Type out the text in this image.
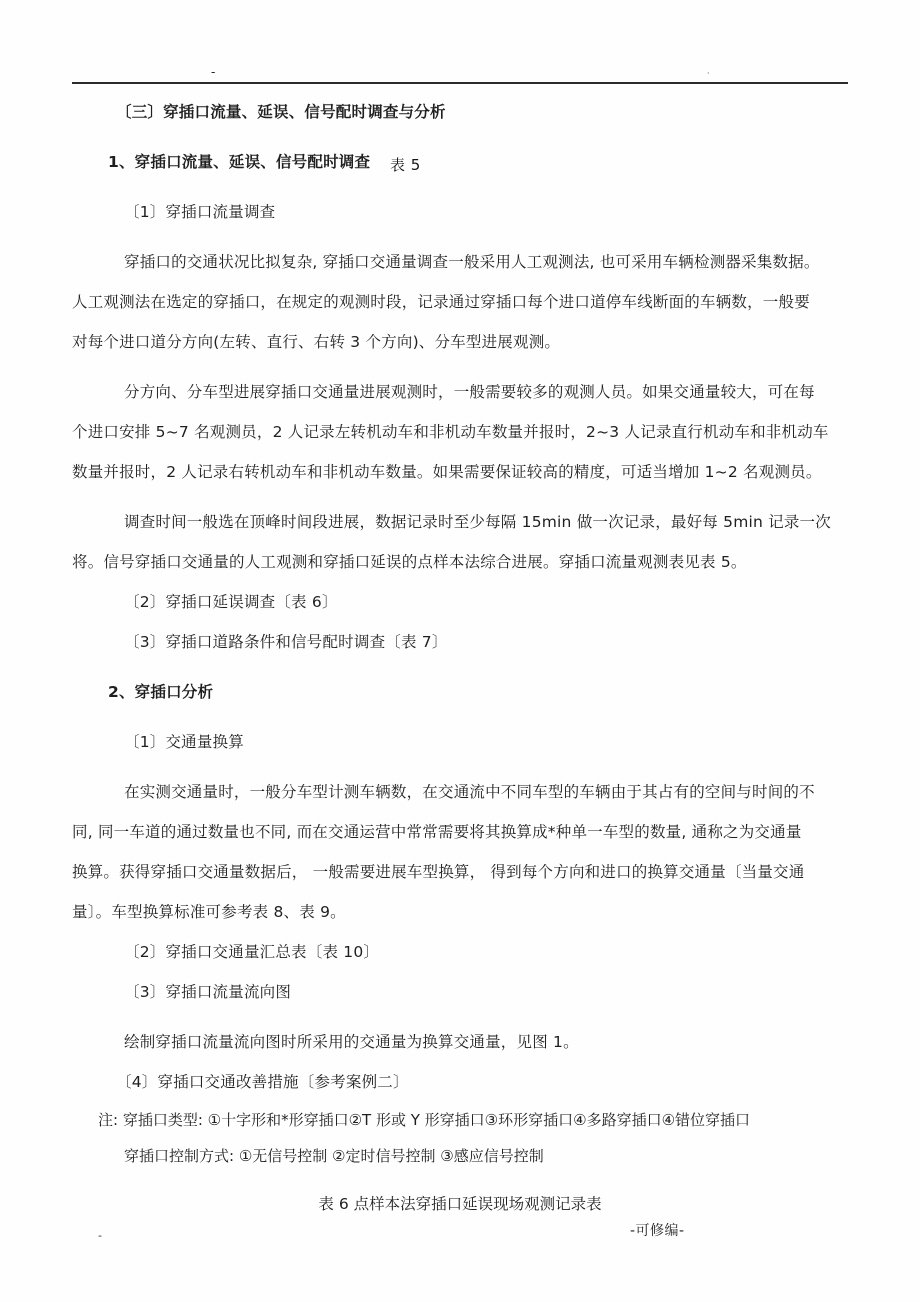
-	·
〔三〕穿插口流量、延误、信号配时调查与分析
1、穿插口流量、延误、信号配时调查	表 5
〔1〕穿插口流量调查
穿插口的交通状况比拟复杂, 穿插口交通量调查一般采用人工观测法, 也可采用车辆检测器采集数据。
人工观测法在选定的穿插口，在规定的观测时段，记录通过穿插口每个进口道停车线断面的车辆数，一般要
对每个进口道分方向(左转、直行、右转 3 个方向)、分车型进展观测。
分方向、分车型进展穿插口交通量进展观测时，一般需要较多的观测人员。如果交通量较大，可在每
个进口安排 5~7 名观测员，2 人记录左转机动车和非机动车数量并报时，2~3 人记录直行机动车和非机动车
数量并报时，2 人记录右转机动车和非机动车数量。如果需要保证较高的精度，可适当增加 1~2 名观测员。
调查时间一般选在顶峰时间段进展，数据记录时至少每隔 15min 做一次记录，最好每 5min 记录一次
将。信号穿插口交通量的人工观测和穿插口延误的点样本法综合进展。穿插口流量观测表见表 5。
〔2〕穿插口延误调查〔表 6〕
〔3〕穿插口道路条件和信号配时调查〔表 7〕
2、穿插口分析
〔1〕交通量换算
在实测交通量时，一般分车型计测车辆数，在交通流中不同车型的车辆由于其占有的空间与时间的不
同, 同一车道的通过数量也不同, 而在交通运营中常常需要将其换算成*种单一车型的数量, 通称之为交通量
换算。获得穿插口交通量数据后， 一般需要进展车型换算， 得到每个方向和进口的换算交通量〔当量交通
量〕。车型换算标准可参考表 8、表 9。
〔2〕穿插口交通量汇总表〔表 10〕
〔3〕穿插口流量流向图
绘制穿插口流量流向图时所采用的交通量为换算交通量，见图 1。
〔4〕穿插口交通改善措施〔参考案例二〕
注: 穿插口类型: ①十字形和*形穿插口②T 形或 Y 形穿插口③环形穿插口④多路穿插口④错位穿插口
穿插口控制方式: ①无信号控制 ②定时信号控制 ③感应信号控制
表 6 点样本法穿插口延误现场观测记录表
-	-可修编-
